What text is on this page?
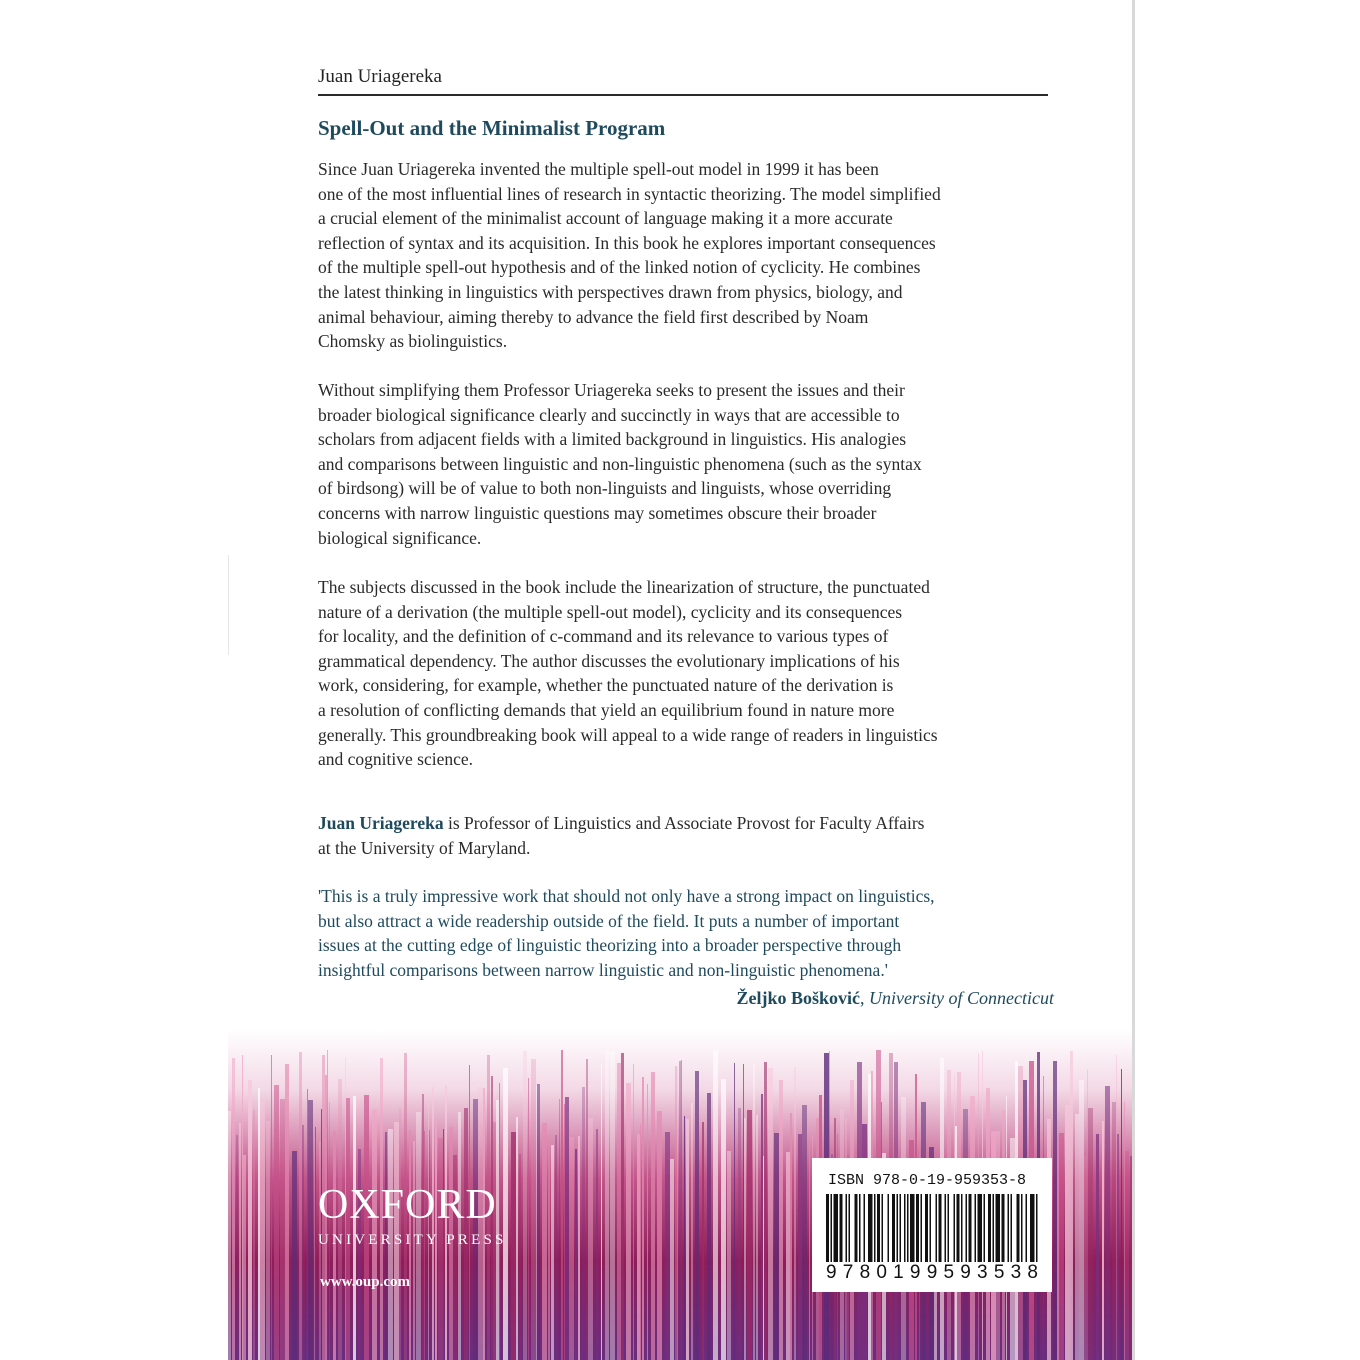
Juan Uriagereka
Spell-Out and the Minimalist Program

Since Juan Uriagereka invented the multiple spell-out model in 1999 it has been
one of the most influential lines of research in syntactic theorizing. The model simplified
a crucial element of the minimalist account of language making it a more accurate
reflection of syntax and its acquisition. In this book he explores important consequences
of the multiple spell-out hypothesis and of the linked notion of cyclicity. He combines
the latest thinking in linguistics with perspectives drawn from physics, biology, and
animal behaviour, aiming thereby to advance the field first described by Noam
Chomsky as biolinguistics.

Without simplifying them Professor Uriagereka seeks to present the issues and their
broader biological significance clearly and succinctly in ways that are accessible to
scholars from adjacent fields with a limited background in linguistics. His analogies
and comparisons between linguistic and non-linguistic phenomena (such as the syntax
of birdsong) will be of value to both non-linguists and linguists, whose overriding
concerns with narrow linguistic questions may sometimes obscure their broader
biological significance.

The subjects discussed in the book include the linearization of structure, the punctuated
nature of a derivation (the multiple spell-out model), cyclicity and its consequences
for locality, and the definition of c-command and its relevance to various types of
grammatical dependency. The author discusses the evolutionary implications of his
work, considering, for example, whether the punctuated nature of the derivation is
a resolution of conflicting demands that yield an equilibrium found in nature more
generally. This groundbreaking book will appeal to a wide range of readers in linguistics
and cognitive science.

Juan Uriagereka is Professor of Linguistics and Associate Provost for Faculty Affairs
at the University of Maryland.

'This is a truly impressive work that should not only have a strong impact on linguistics,
but also attract a wide readership outside of the field. It puts a number of important
issues at the cutting edge of linguistic theorizing into a broader perspective through
insightful comparisons between narrow linguistic and non-linguistic phenomena.'

Željko Bošković, University of Connecticut
OXFORD
UNIVERSITY PRESS
www.oup.com
ISBN 978-0-19-959353-8
9 7 8 0 1 9 9 5 9 3 5 3 8
